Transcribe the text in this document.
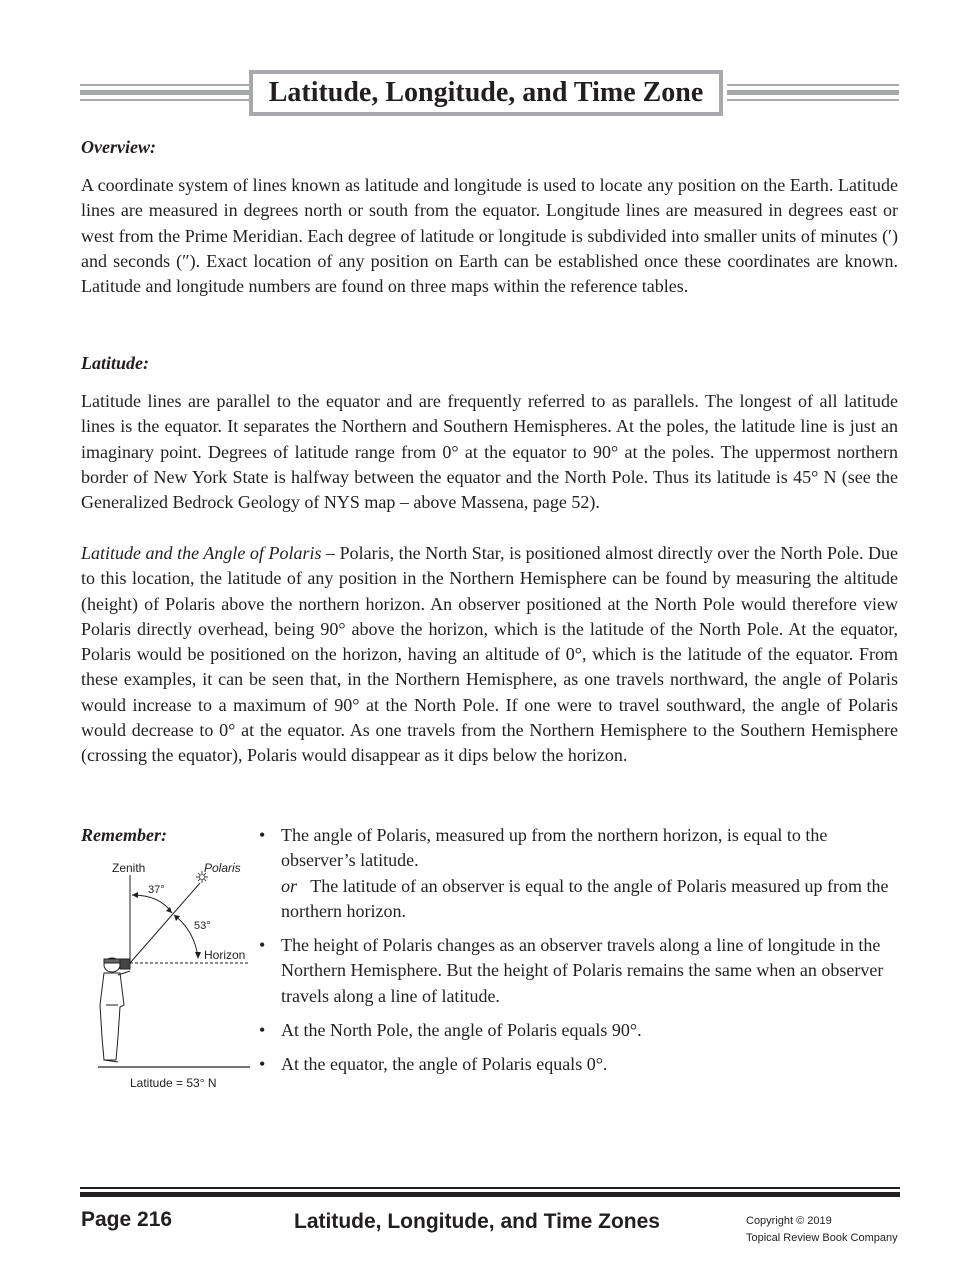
Latitude, Longitude, and Time Zone
Overview:
A coordinate system of lines known as latitude and longitude is used to locate any position on the Earth. Latitude lines are measured in degrees north or south from the equator. Longitude lines are measured in degrees east or west from the Prime Meridian. Each degree of latitude or longitude is subdivided into smaller units of minutes (′) and seconds (″). Exact location of any position on Earth can be established once these coordinates are known. Latitude and longitude numbers are found on three maps within the reference tables.
Latitude:
Latitude lines are parallel to the equator and are frequently referred to as parallels. The longest of all latitude lines is the equator. It separates the Northern and Southern Hemispheres. At the poles, the latitude line is just an imaginary point. Degrees of latitude range from 0° at the equator to 90° at the poles. The uppermost northern border of New York State is halfway between the equator and the North Pole. Thus its latitude is 45° N (see the Generalized Bedrock Geology of NYS map – above Massena, page 52).
Latitude and the Angle of Polaris – Polaris, the North Star, is positioned almost directly over the North Pole. Due to this location, the latitude of any position in the Northern Hemisphere can be found by measuring the altitude (height) of Polaris above the northern horizon. An observer positioned at the North Pole would therefore view Polaris directly overhead, being 90° above the horizon, which is the latitude of the North Pole. At the equator, Polaris would be positioned on the horizon, having an altitude of 0°, which is the latitude of the equator. From these examples, it can be seen that, in the Northern Hemisphere, as one travels northward, the angle of Polaris would increase to a maximum of 90° at the North Pole. If one were to travel southward, the angle of Polaris would decrease to 0° at the equator. As one travels from the Northern Hemisphere to the Southern Hemisphere (crossing the equator), Polaris would disappear as it dips below the horizon.
Remember:
Zenith	Polaris
37°
53°
Horizon
Latitude = 53° N
• The angle of Polaris, measured up from the northern horizon, is equal to the observer’s latitude.
or The latitude of an observer is equal to the angle of Polaris measured up from the northern horizon.
• The height of Polaris changes as an observer travels along a line of longitude in the Northern Hemisphere. But the height of Polaris remains the same when an observer travels along a line of latitude.
• At the North Pole, the angle of Polaris equals 90°.
• At the equator, the angle of Polaris equals 0°.
Page 216	Latitude, Longitude, and Time Zones	Copyright © 2019
Topical Review Book Company
